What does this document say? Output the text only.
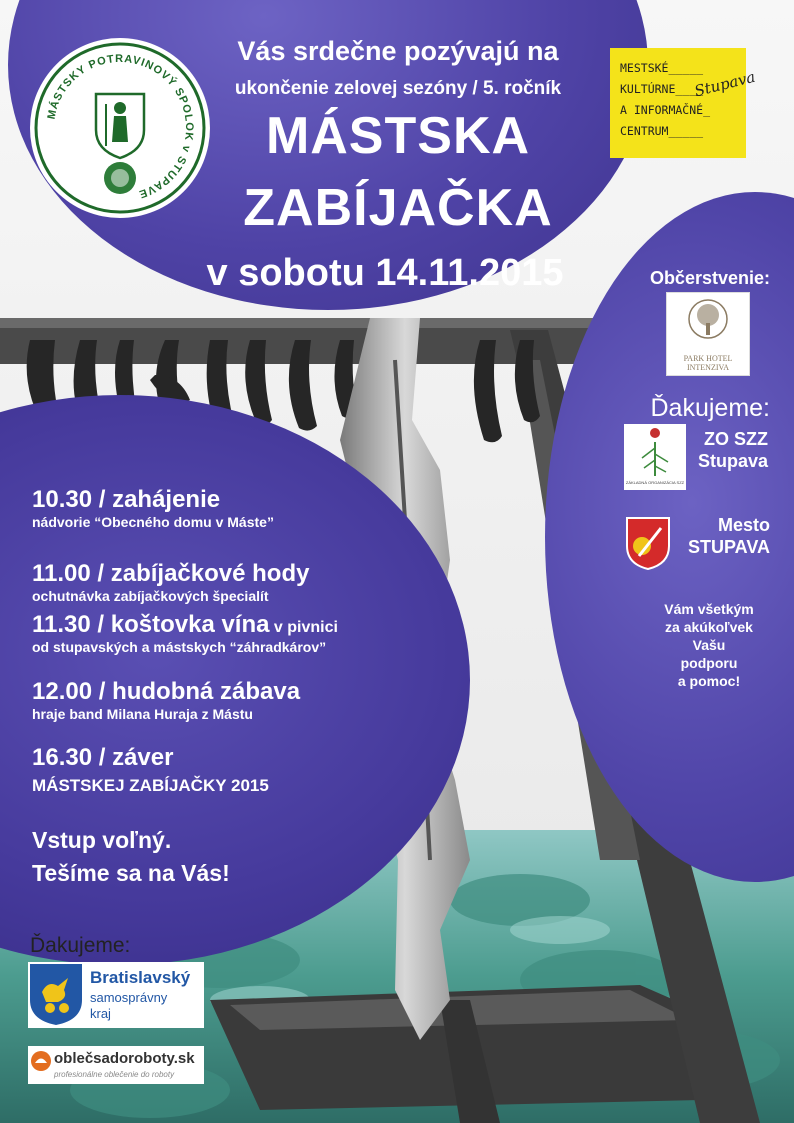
MÁSTSKY POTRAVINOVÝ SPOLOK v STUPAVE
Vás srdečne pozývajú na
ukončenie zelovej sezóny / 5. ročník
MÁSTSKA
ZABÍJAČKA
v sobotu 14.11.2015
MESTSKÉ_____
KULTÚRNE____
A INFORMAČNÉ_
CENTRUM_____
Stupava
Občerstvenie:
PARK HOTEL
INTENZIVA
Ďakujeme:
ZÁKLADNÁ ORGANIZÁCIA SZZ
ZO SZZ
Stupava
Mesto
STUPAVA
Vám všetkým
za akúkoľvek
Vašu
podporu
a pomoc!
10.30 / zahájenie
nádvorie “Obecného domu v Máste”
11.00 / zabíjačkové hody
ochutnávka zabíjačkových špecialít
11.30 / koštovka vína v pivnici
od stupavských a mástskych “záhradkárov”
12.00 / hudobná zábava
hraje band Milana Huraja z Mástu
16.30 / záver
MÁSTSKEJ ZABÍJAČKY 2015
Vstup voľný.
Tešíme sa na Vás!
Ďakujeme:
Bratislavský
samosprávny
kraj
oblečsadoroboty.sk
profesionálne oblečenie do roboty
